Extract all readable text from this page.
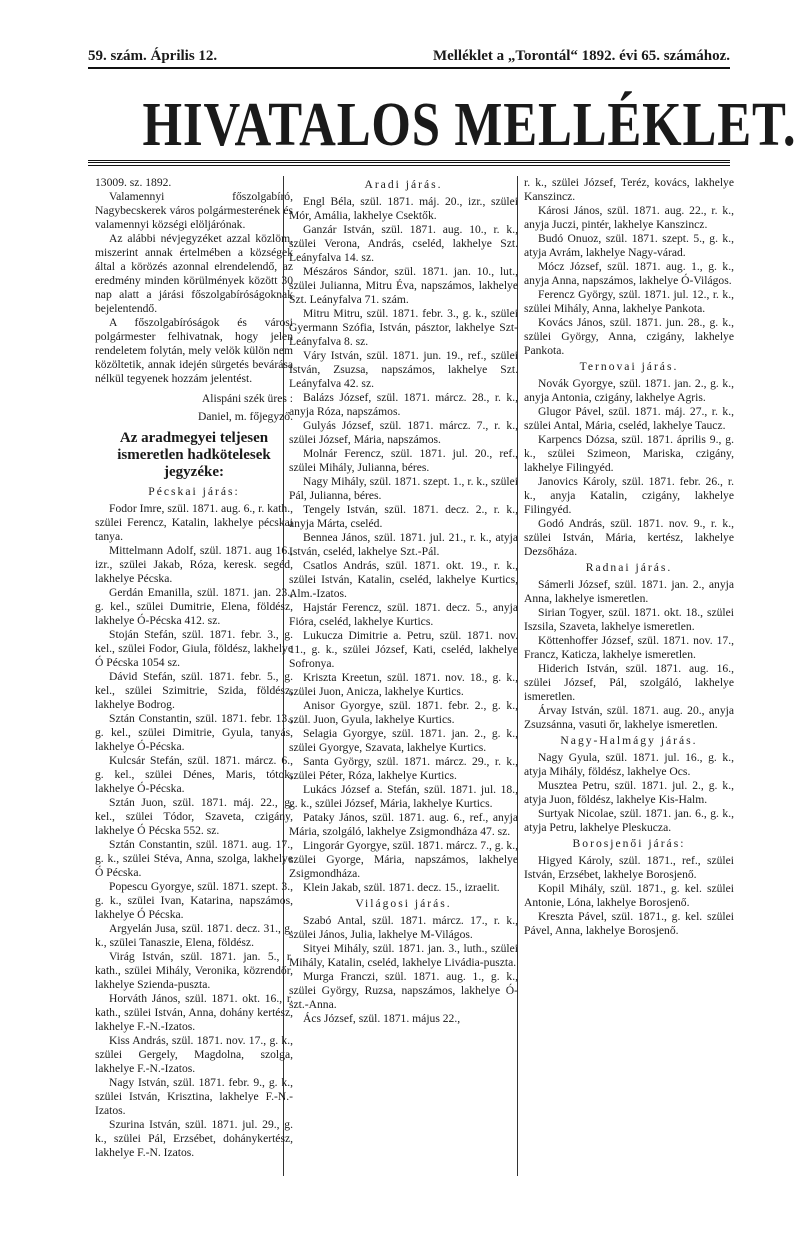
59. szám. Április 12.	Melléklet a „Torontál“ 1892. évi 65. számához.
HIVATALOS MELLÉKLET.

13009. sz. 1892.

Valamennyi főszolgabíró, Nagybecskerek város polgármesterének és valamennyi községi elöljárónak.

Az alábbi névjegyzéket azzal közlöm, miszerint annak értelmében a községek által a körözés azonnal elrendelendő, az eredmény minden körülmények között 30 nap alatt a járási főszolgabíróságoknak bejelentendő.

A főszolgabíróságok és városi polgármester felhivatnak, hogy jelen rendeletem folytán, mely velök külön nem közöltetik, annak idején sürgetés bevárása nélkül tegyenek hozzám jelentést.

Alispáni szék üres :

Daniel, m. főjegyző.

Az aradmegyei teljesen ismeretlen hadkötelesek jegyzéke:

Pécskai járás:

Fodor Imre, szül. 1871. aug. 6., r. kath., szülei Ferencz, Katalin, lakhelye pécskai tanya.

Mittelmann Adolf, szül. 1871. aug 16., izr., szülei Jakab, Róza, keresk. segéd, lakhelye Pécska.

Gerdán Emanilla, szül. 1871. jan. 23., g. kel., szülei Dumitrie, Elena, földész, lakhelye Ó-Pécska 412. sz.

Stoján Stefán, szül. 1871. febr. 3., g. kel., szülei Fodor, Giula, földész, lakhelye Ó Pécska 1054 sz.

Dávid Stefán, szül. 1871. febr. 5., g. kel., szülei Szimitrie, Szida, földész, lakhelye Bodrog.

Sztán Constantin, szül. 1871. febr. 13., g. kel., szülei Dimitrie, Gyula, tanyás, lakhelye Ó-Pécska.

Kulcsár Stefán, szül. 1871. márcz. 6., g. kel., szülei Dénes, Maris, tótok, lakhelye Ó-Pécska.

Sztán Juon, szül. 1871. máj. 22., g. kel., szülei Tódor, Szaveta, czigány, lakhelye Ó Pécska 552. sz.

Sztán Constantin, szül. 1871. aug. 17., g. k., szülei Stéva, Anna, szolga, lakhelye Ó Pécska.

Popescu Gyorgye, szül. 1871. szept. 3., g. k., szülei Ivan, Katarina, napszámos, lakhelye Ó Pécska.

Argyelán Jusa, szül. 1871. decz. 31., g. k., szülei Tanaszie, Elena, földész.

Virág István, szül. 1871. jan. 5., r. kath., szülei Mihály, Veronika, közrendőr, lakhelye Szienda-puszta.

Horváth János, szül. 1871. okt. 16., r. kath., szülei István, Anna, dohány kertész, lakhelye F.-N.-Izatos.

Kiss András, szül. 1871. nov. 17., g. k., szülei Gergely, Magdolna, szolga, lakhelye F.-N.-Izatos.

Nagy István, szül. 1871. febr. 9., g. k., szülei István, Krisztina, lakhelye F.-N.-Izatos.

Szurina István, szül. 1871. jul. 29., g. k., szülei Pál, Erzsébet, dohánykertész, lakhelye F.-N. Izatos.

Aradi járás.

Engl Béla, szül. 1871. máj. 20., izr., szülei Mór, Amália, lakhelye Csektők.

Ganzár István, szül. 1871. aug. 10., r. k., szülei Verona, András, cseléd, lakhelye Szt. Leányfalva 14. sz.

Mészáros Sándor, szül. 1871. jan. 10., lut., szülei Julianna, Mitru Éva, napszámos, lakhelye Szt. Leányfalva 71. szám.

Mitru Mitru, szül. 1871. febr. 3., g. k., szülei Gyermann Szófia, István, pásztor, lakhelye Szt-Leányfalva 8. sz.

Váry István, szül. 1871. jun. 19., ref., szülei István, Zsuzsa, napszámos, lakhelye Szt. Leányfalva 42. sz.

Balázs József, szül. 1871. márcz. 28., r. k., anyja Róza, napszámos.

Gulyás József, szül. 1871. márcz. 7., r. k., szülei József, Mária, napszámos.

Molnár Ferencz, szül. 1871. jul. 20., ref., szülei Mihály, Julianna, béres.

Nagy Mihály, szül. 1871. szept. 1., r. k., szülei Pál, Julianna, béres.

Tengely István, szül. 1871. decz. 2., r. k., anyja Márta, cseléd.

Bennea János, szül. 1871. jul. 21., r. k., atyja István, cseléd, lakhelye Szt.-Pál.

Csatlos András, szül. 1871. okt. 19., r. k., szülei István, Katalin, cseléd, lakhelye Kurtics, Alm.-Izatos.

Hajstár Ferencz, szül. 1871. decz. 5., anyja Fióra, cseléd, lakhelye Kurtics.

Lukucza Dimitrie a. Petru, szül. 1871. nov. 11., g. k., szülei József, Kati, cseléd, lakhelye Sofronya.

Kriszta Kreetun, szül. 1871. nov. 18., g. k., szülei Juon, Anicza, lakhelye Kurtics.

Anisor Gyorgye, szül. 1871. febr. 2., g. k., szül. Juon, Gyula, lakhelye Kurtics.

Selagia Gyorgye, szül. 1871. jan. 2., g. k., szülei Gyorgye, Szavata, lakhelye Kurtics.

Santa György, szül. 1871. márcz. 29., r. k., szülei Péter, Róza, lakhelye Kurtics.

Lukács József a. Stefán, szül. 1871. jul. 18., g. k., szülei József, Mária, lakhelye Kurtics.

Pataky János, szül. 1871. aug. 6., ref., anyja Mária, szolgáló, lakhelye Zsigmondháza 47. sz.

Lingorár Gyorgye, szül. 1871. márcz. 7., g. k., szülei Gyorge, Mária, napszámos, lakhelye Zsigmondháza.

Klein Jakab, szül. 1871. decz. 15., izraelit.

Világosi járás.

Szabó Antal, szül. 1871. márcz. 17., r. k., szülei János, Julia, lakhelye M-Világos.

Sityei Mihály, szül. 1871. jan. 3., luth., szülei Mihály, Katalin, cseléd, lakhelye Livádia-puszta.

Murga Franczi, szül. 1871. aug. 1., g. k., szülei György, Ruzsa, napszámos, lakhelye Ó-szt.-Anna.

Ács József, szül. 1871. május 22.,

r. k., szülei József, Teréz, kovács, lakhelye Kanszincz.

Károsi János, szül. 1871. aug. 22., r. k., anyja Juczi, pintér, lakhelye Kanszincz.

Budó Onuoz, szül. 1871. szept. 5., g. k., atyja Avrám, lakhelye Nagy-várad.

Mócz József, szül. 1871. aug. 1., g. k., anyja Anna, napszámos, lakhelye Ó-Világos.

Ferencz György, szül. 1871. jul. 12., r. k., szülei Mihály, Anna, lakhelye Pankota.

Kovács János, szül. 1871. jun. 28., g. k., szülei György, Anna, czigány, lakhelye Pankota.

Ternovai járás.

Novák Gyorgye, szül. 1871. jan. 2., g. k., anyja Antonia, czigány, lakhelye Agris.

Glugor Pável, szül. 1871. máj. 27., r. k., szülei Antal, Mária, cseléd, lakhelye Taucz.

Karpencs Dózsa, szül. 1871. április 9., g. k., szülei Szimeon, Mariska, czigány, lakhelye Filingyéd.

Janovics Károly, szül. 1871. febr. 26., r. k., anyja Katalin, czigány, lakhelye Filingyéd.

Godó András, szül. 1871. nov. 9., r. k., szülei István, Mária, kertész, lakhelye Dezsőháza.

Radnai járás.

Sámerli József, szül. 1871. jan. 2., anyja Anna, lakhelye ismeretlen.

Sirian Togyer, szül. 1871. okt. 18., szülei Iszsila, Szaveta, lakhelye ismeretlen.

Köttenhoffer József, szül. 1871. nov. 17., Francz, Katicza, lakhelye ismeretlen.

Hiderich István, szül. 1871. aug. 16., szülei József, Pál, szolgáló, lakhelye ismeretlen.

Árvay István, szül. 1871. aug. 20., anyja Zsuzsánna, vasuti őr, lakhelye ismeretlen.

Nagy-Halmágy járás.

Nagy Gyula, szül. 1871. jul. 16., g. k., atyja Mihály, földész, lakhelye Ocs.

Musztea Petru, szül. 1871. jul. 2., g. k., atyja Juon, földész, lakhelye Kis-Halm.

Surtyak Nicolae, szül. 1871. jan. 6., g. k., atyja Petru, lakhelye Pleskucza.

Borosjenői járás:

Higyed Károly, szül. 1871., ref., szülei István, Erzsébet, lakhelye Borosjenő.

Kopil Mihály, szül. 1871., g. kel. szülei Antonie, Lóna, lakhelye Borosjenő.

Kreszta Pável, szül. 1871., g. kel. szülei Pável, Anna, lakhelye Borosjenő.
